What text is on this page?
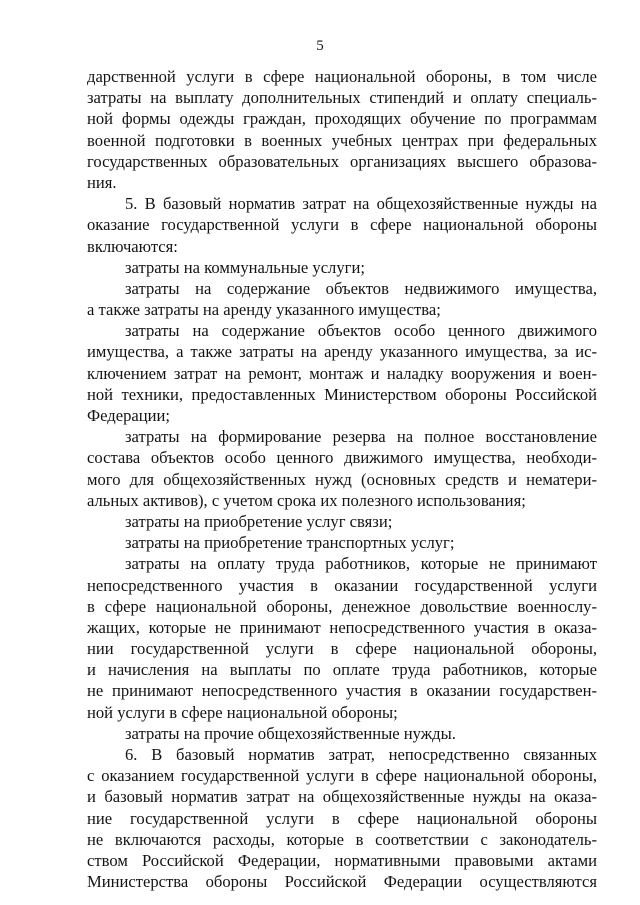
5
дарственной услуги в сфере национальной обороны, в том числе
затраты на выплату дополнительных стипендий и оплату специаль-
ной формы одежды граждан, проходящих обучение по программам
военной подготовки в военных учебных центрах при федеральных
государственных образовательных организациях высшего образова-
ния.
5. В базовый норматив затрат на общехозяйственные нужды на
оказание государственной услуги в сфере национальной обороны
включаются:
затраты на коммунальные услуги;
затраты на содержание объектов недвижимого имущества,
а также затраты на аренду указанного имущества;
затраты на содержание объектов особо ценного движимого
имущества, а также затраты на аренду указанного имущества, за ис-
ключением затрат на ремонт, монтаж и наладку вооружения и воен-
ной техники, предоставленных Министерством обороны Российской
Федерации;
затраты на формирование резерва на полное восстановление
состава объектов особо ценного движимого имущества, необходи-
мого для общехозяйственных нужд (основных средств и нематери-
альных активов), с учетом срока их полезного использования;
затраты на приобретение услуг связи;
затраты на приобретение транспортных услуг;
затраты на оплату труда работников, которые не принимают
непосредственного участия в оказании государственной услуги
в сфере национальной обороны, денежное довольствие военнослу-
жащих, которые не принимают непосредственного участия в оказа-
нии государственной услуги в сфере национальной обороны,
и начисления на выплаты по оплате труда работников, которые
не принимают непосредственного участия в оказании государствен-
ной услуги в сфере национальной обороны;
затраты на прочие общехозяйственные нужды.
6. В базовый норматив затрат, непосредственно связанных
с оказанием государственной услуги в сфере национальной обороны,
и базовый норматив затрат на общехозяйственные нужды на оказа-
ние государственной услуги в сфере национальной обороны
не включаются расходы, которые в соответствии с законодатель-
ством Российской Федерации, нормативными правовыми актами
Министерства обороны Российской Федерации осуществляются
